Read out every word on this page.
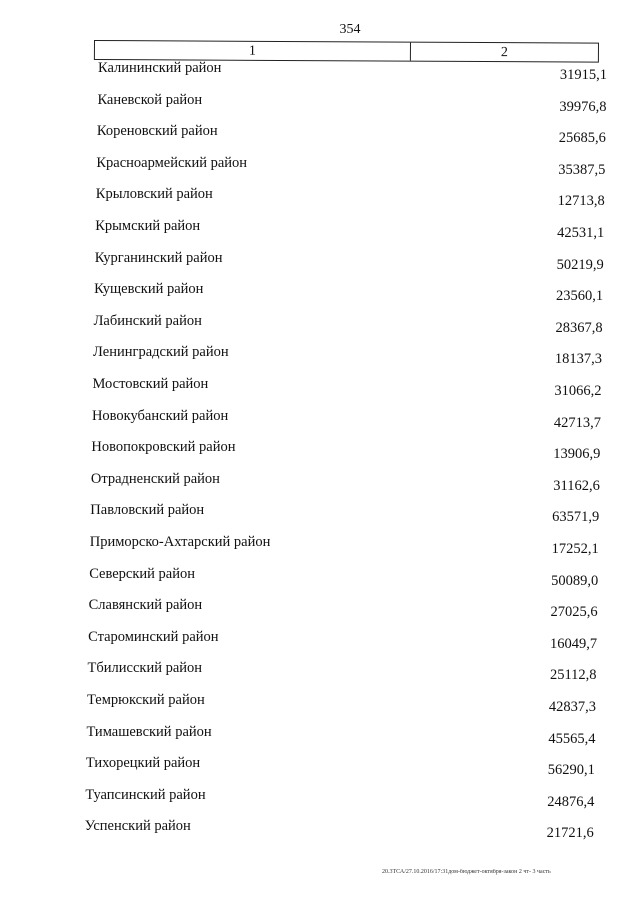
354
1	2
Калининский район	31915,1
Каневской район	39976,8
Кореновский район	25685,6
Красноармейский район	35387,5
Крыловский район	12713,8
Крымский район	42531,1
Курганинский район	50219,9
Кущевский район	23560,1
Лабинский район	28367,8
Ленинградский район	18137,3
Мостовский район	31066,2
Новокубанский район	42713,7
Новопокровский район	13906,9
Отрадненский район	31162,6
Павловский район	63571,9
Приморско-Ахтарский район	17252,1
Северский район	50089,0
Славянский район	27025,6
Староминский район	16049,7
Тбилисский район	25112,8
Темрюкский район	42837,3
Тимашевский район	45565,4
Тихорецкий район	56290,1
Туапсинский район	24876,4
Успенский район	21721,6
20.3ТСА/27.10.2016/17:31дом-бюджет-октября-закон 2 чт- 3 часть
